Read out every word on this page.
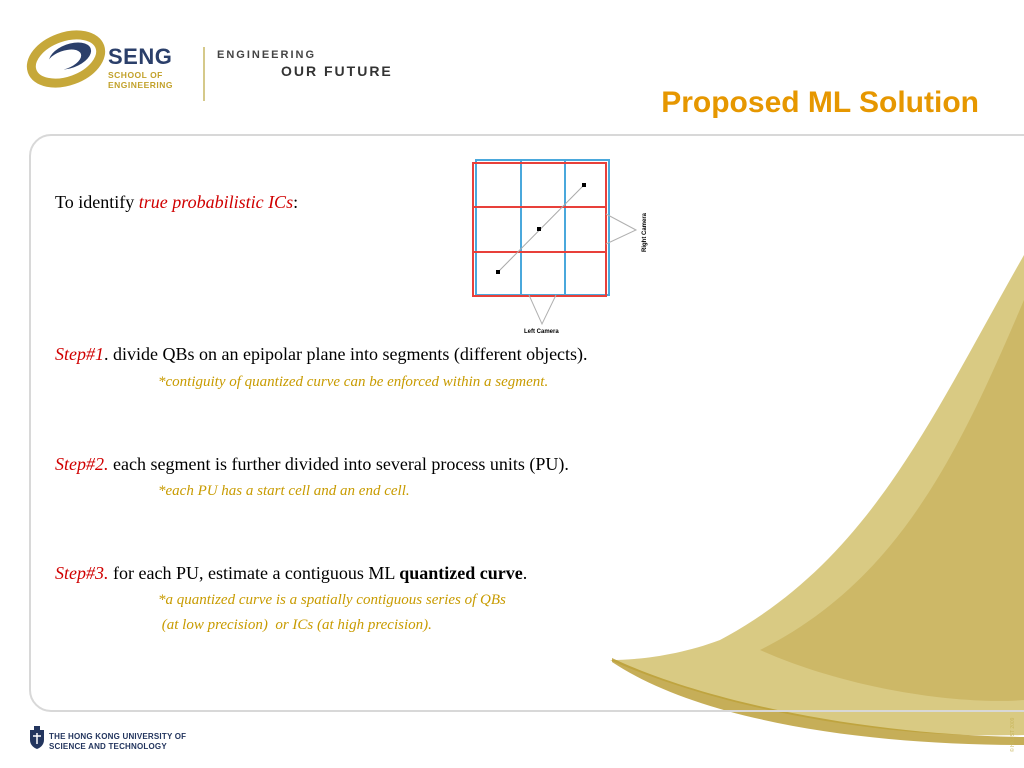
SENG
SCHOOL OF
ENGINEERING
ENGINEERING
OUR FUTURE
Proposed ML Solution
To identify true probabilistic ICs:
Right Camera
Left Camera
Step#1. divide QBs on an epipolar plane into segments (different objects).
*contiguity of quantized curve can be enforced within a segment.
Step#2. each segment is further divided into several process units (PU).
*each PU has a start cell and an end cell.
Step#3. for each PU, estimate a contiguous ML quantized curve.
*a quantized curve is a spatially contiguous series of QBs
(at low precision)  or ICs (at high precision).
THE HONG KONG UNIVERSITY OF
SCIENCE AND TECHNOLOGY	© HKUST 2009
